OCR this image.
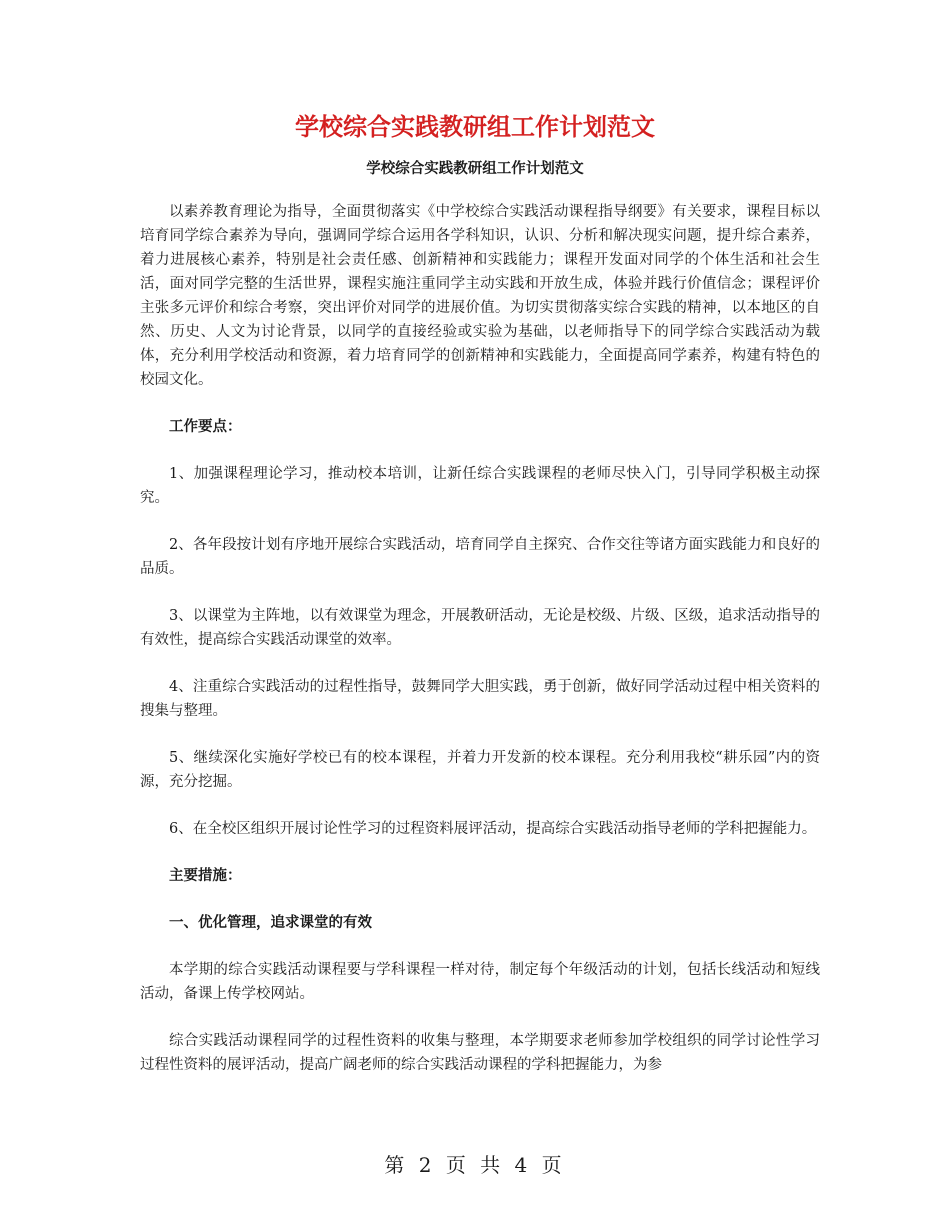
学校综合实践教研组工作计划范文
学校综合实践教研组工作计划范文

以素养教育理论为指导，全面贯彻落实《中学校综合实践活动课程指导纲要》有关要求，课程目标以培育同学综合素养为导向，强调同学综合运用各学科知识，认识、分析和解决现实问题，提升综合素养，着力进展核心素养，特别是社会责任感、创新精神和实践能力；课程开发面对同学的个体生活和社会生活，面对同学完整的生活世界，课程实施注重同学主动实践和开放生成，体验并践行价值信念；课程评价主张多元评价和综合考察，突出评价对同学的进展价值。为切实贯彻落实综合实践的精神，以本地区的自然、历史、人文为讨论背景，以同学的直接经验或实验为基础，以老师指导下的同学综合实践活动为载体，充分利用学校活动和资源，着力培育同学的创新精神和实践能力，全面提高同学素养，构建有特色的校园文化。

工作要点：

1、加强课程理论学习，推动校本培训，让新任综合实践课程的老师尽快入门，引导同学积极主动探究。

2、各年段按计划有序地开展综合实践活动，培育同学自主探究、合作交往等诸方面实践能力和良好的品质。

3、以课堂为主阵地，以有效课堂为理念，开展教研活动，无论是校级、片级、区级，追求活动指导的有效性，提高综合实践活动课堂的效率。

4、注重综合实践活动的过程性指导，鼓舞同学大胆实践，勇于创新，做好同学活动过程中相关资料的搜集与整理。

5、继续深化实施好学校已有的校本课程，并着力开发新的校本课程。充分利用我校“耕乐园”内的资源，充分挖掘。

6、在全校区组织开展讨论性学习的过程资料展评活动，提高综合实践活动指导老师的学科把握能力。

主要措施：

一、优化管理，追求课堂的有效

本学期的综合实践活动课程要与学科课程一样对待，制定每个年级活动的计划，包括长线活动和短线活动，备课上传学校网站。

综合实践活动课程同学的过程性资料的收集与整理，本学期要求老师参加学校组织的同学讨论性学习过程性资料的展评活动，提高广阔老师的综合实践活动课程的学科把握能力，为参

第 2 页 共 4 页
